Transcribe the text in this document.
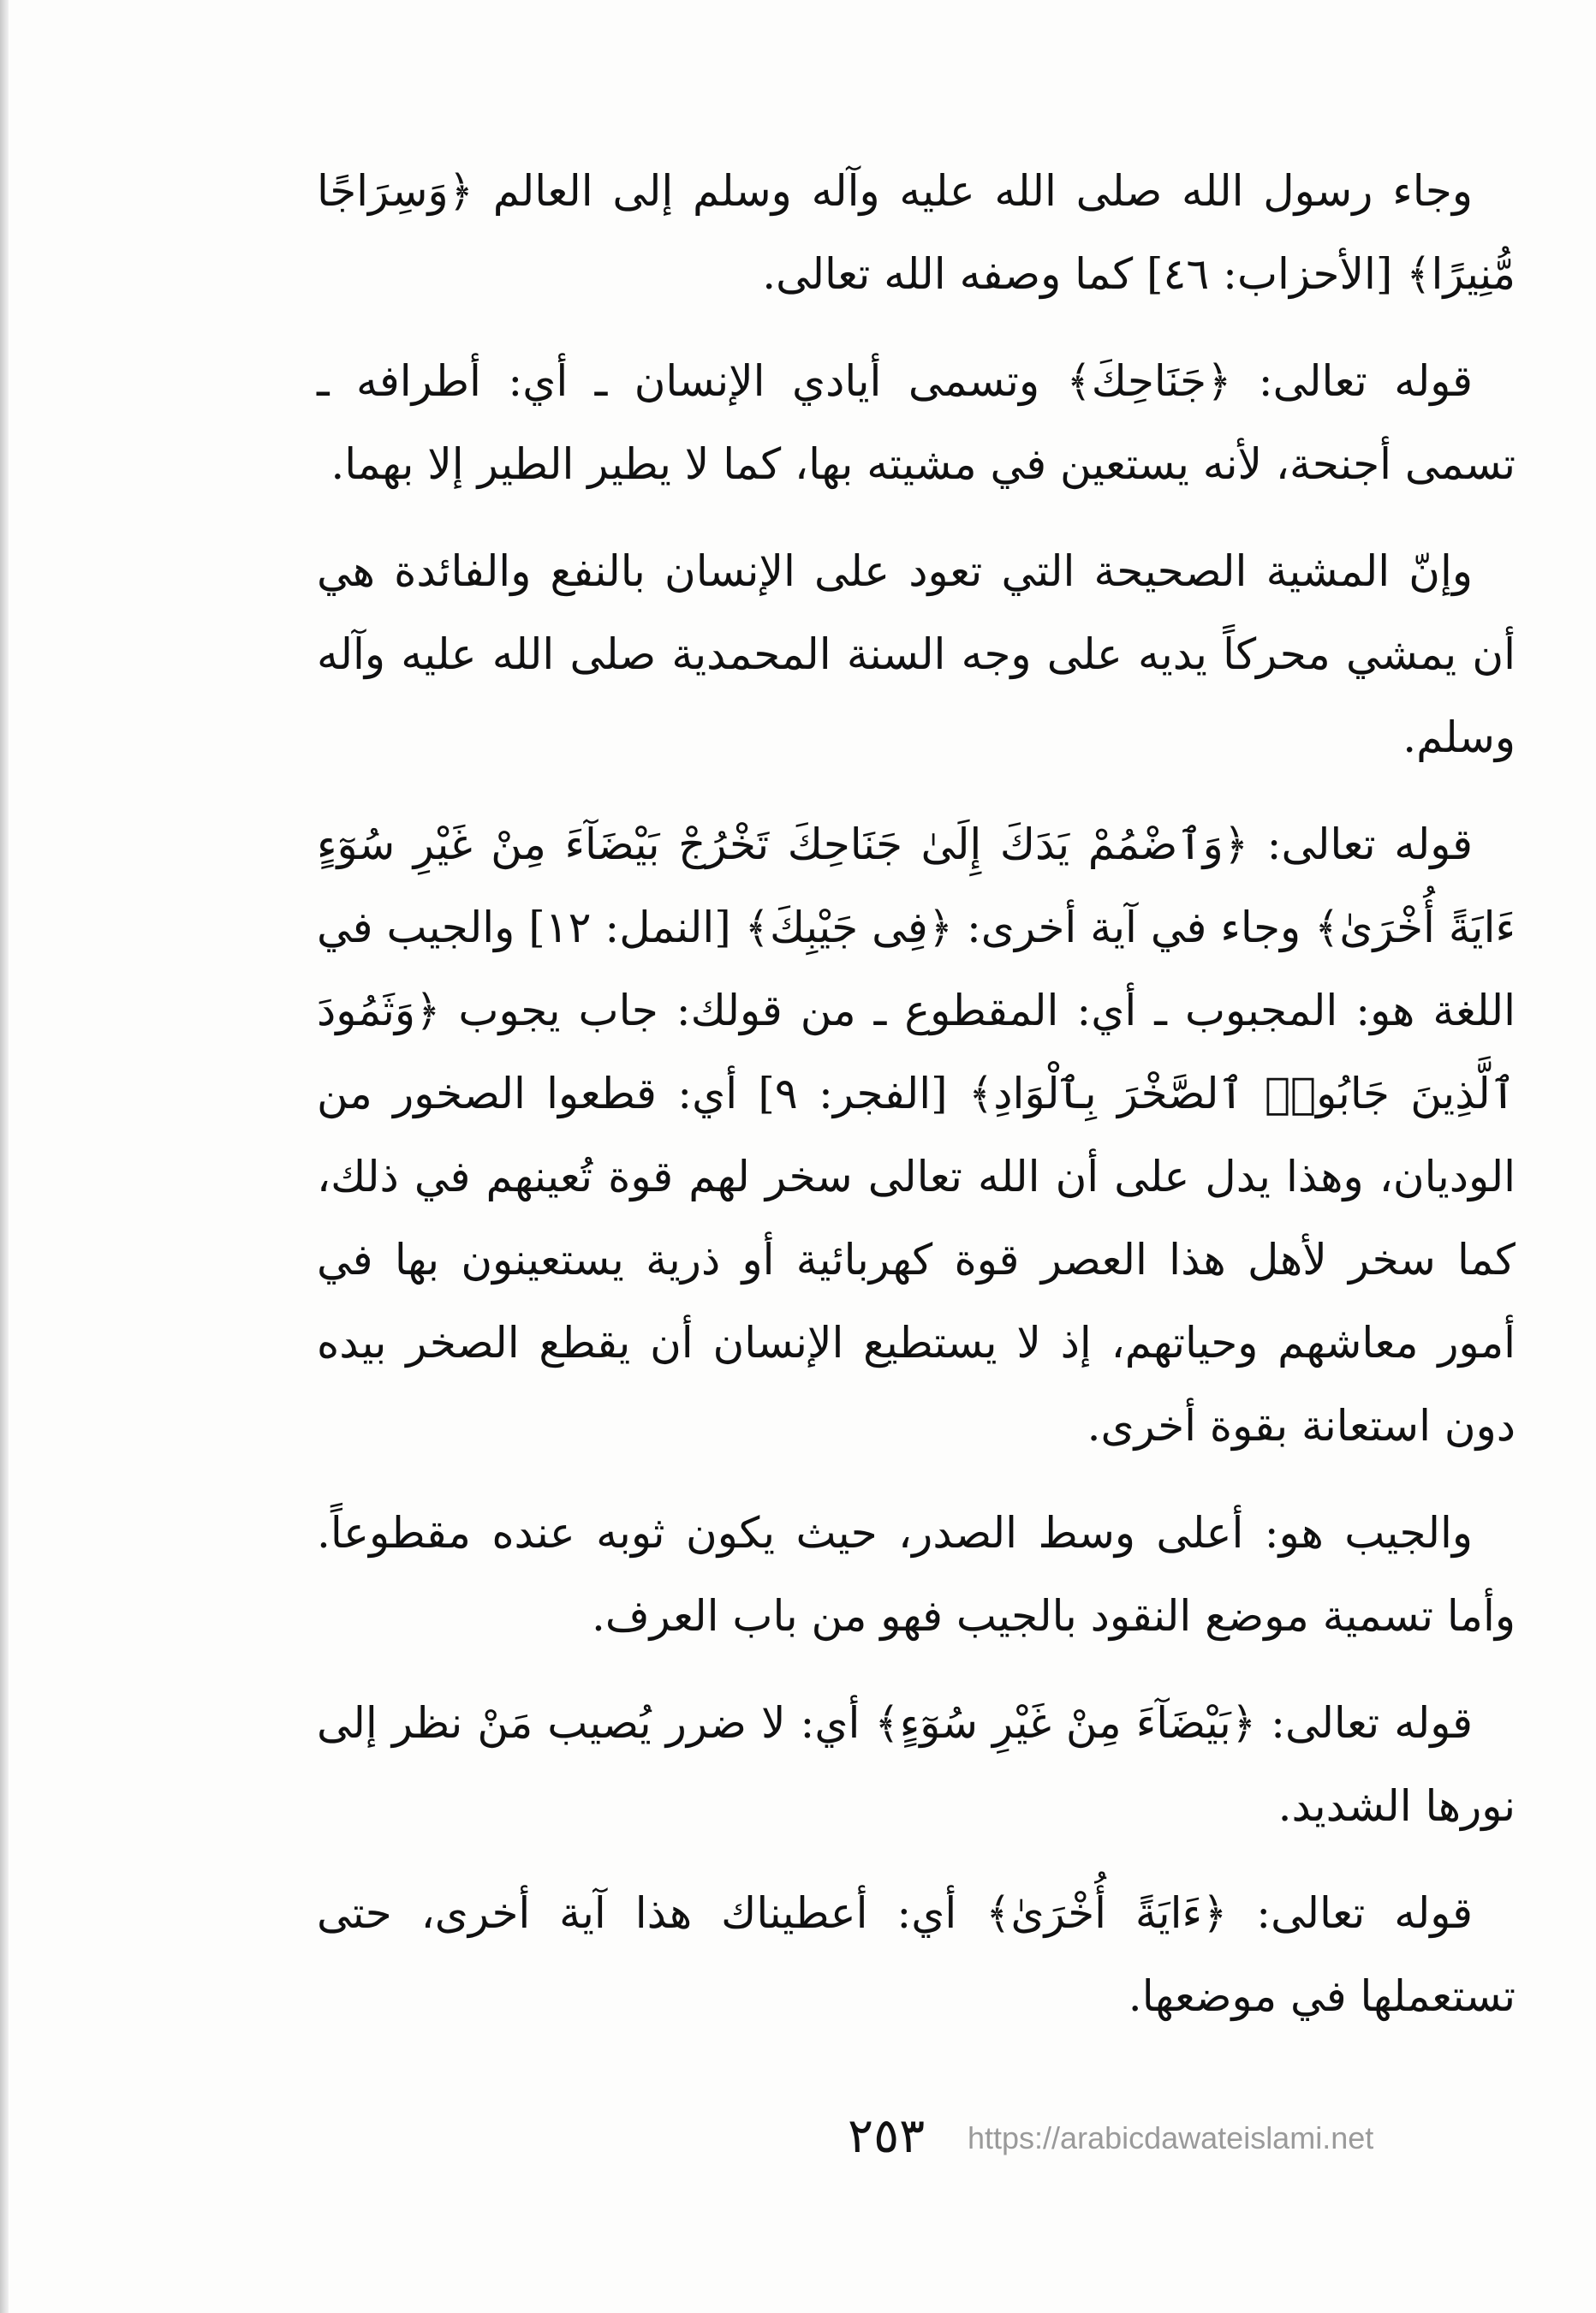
وجاء رسول الله صلى الله عليه وآله وسلم إلى العالم ﴿وَسِرَاجًا مُّنِيرًا﴾ [الأحزاب: ٤٦] كما وصفه الله تعالى.

قوله تعالى: ﴿جَنَاحِكَ﴾ وتسمى أيادي الإنسان ـ أي: أطرافه ـ تسمى أجنحة، لأنه يستعين في مشيته بها، كما لا يطير الطير إلا بهما.

وإنّ المشية الصحيحة التي تعود على الإنسان بالنفع والفائدة هي أن يمشي محركاً يديه على وجه السنة المحمدية صلى الله عليه وآله وسلم.

قوله تعالى: ﴿وَٱضْمُمْ يَدَكَ إِلَىٰ جَنَاحِكَ تَخْرُجْ بَيْضَآءَ مِنْ غَيْرِ سُوٓءٍ ءَايَةً أُخْرَىٰ﴾ وجاء في آية أخرى: ﴿فِى جَيْبِكَ﴾ [النمل: ١٢] والجيب في اللغة هو: المجبوب ـ أي: المقطوع ـ من قولك: جاب يجوب ﴿وَثَمُودَ ٱلَّذِينَ جَابُوا۟ ٱلصَّخْرَ بِٱلْوَادِ﴾ [الفجر: ٩] أي: قطعوا الصخور من الوديان، وهذا يدل على أن الله تعالى سخر لهم قوة تُعينهم في ذلك، كما سخر لأهل هذا العصر قوة كهربائية أو ذرية يستعينون بها في أمور معاشهم وحياتهم، إذ لا يستطيع الإنسان أن يقطع الصخر بيده دون استعانة بقوة أخرى.

والجيب هو: أعلى وسط الصدر، حيث يكون ثوبه عنده مقطوعاً. وأما تسمية موضع النقود بالجيب فهو من باب العرف.

قوله تعالى: ﴿بَيْضَآءَ مِنْ غَيْرِ سُوٓءٍ﴾ أي: لا ضرر يُصيب مَنْ نظر إلى نورها الشديد.

قوله تعالى: ﴿ءَايَةً أُخْرَىٰ﴾ أي: أعطيناك هذا آية أخرى، حتى تستعملها في موضعها.

٢٥٣ https://arabicdawateislami.net
